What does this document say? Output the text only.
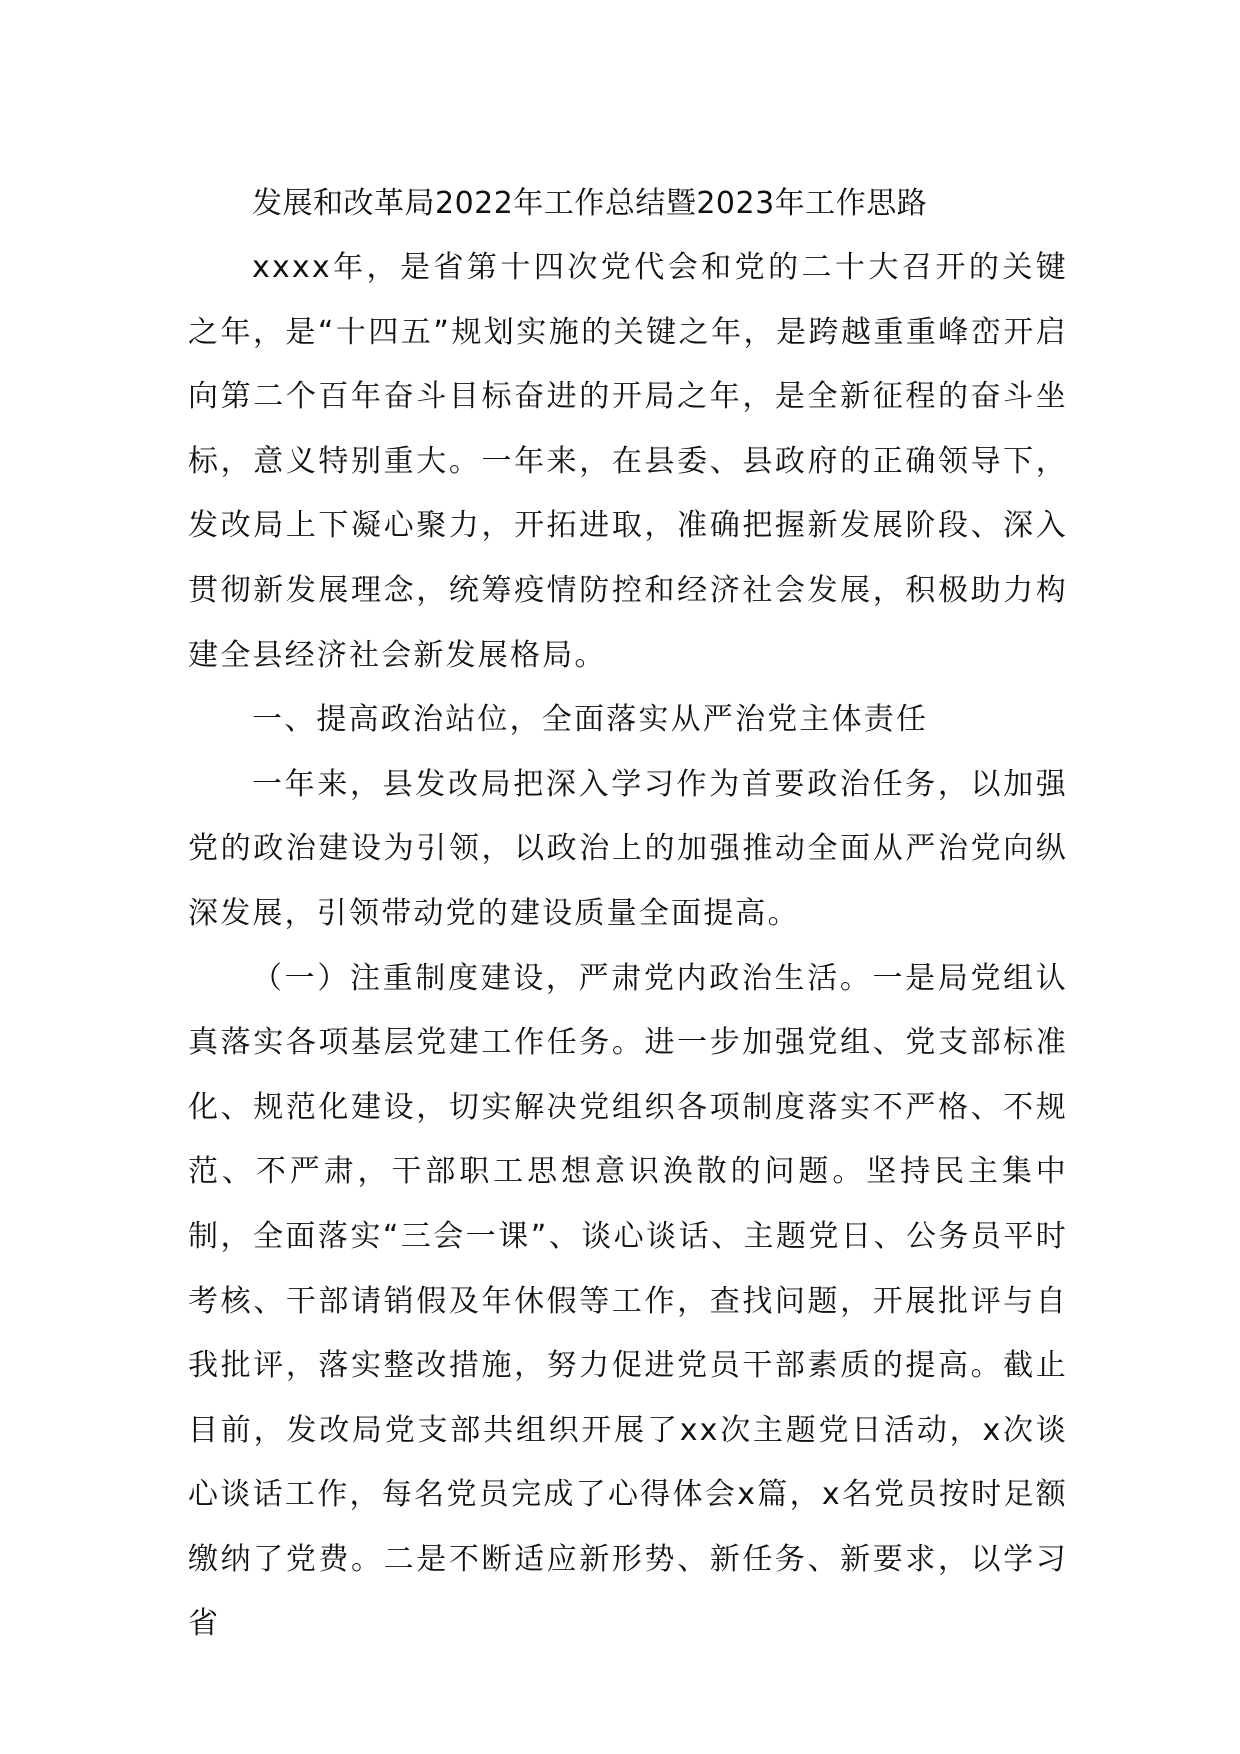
发展和改革局2022年工作总结暨2023年工作思路

xxxx年，是省第十四次党代会和党的二十大召开的关键之年，是“十四五”规划实施的关键之年，是跨越重重峰峦开启向第二个百年奋斗目标奋进的开局之年，是全新征程的奋斗坐标，意义特别重大。一年来，在县委、县政府的正确领导下，发改局上下凝心聚力，开拓进取，准确把握新发展阶段、深入贯彻新发展理念，统筹疫情防控和经济社会发展，积极助力构建全县经济社会新发展格局。

一、提高政治站位，全面落实从严治党主体责任

一年来，县发改局把深入学习作为首要政治任务，以加强党的政治建设为引领，以政治上的加强推动全面从严治党向纵深发展，引领带动党的建设质量全面提高。

（一）注重制度建设，严肃党内政治生活。一是局党组认真落实各项基层党建工作任务。进一步加强党组、党支部标准化、规范化建设，切实解决党组织各项制度落实不严格、不规范、不严肃，干部职工思想意识涣散的问题。坚持民主集中制，全面落实“三会一课”、谈心谈话、主题党日、公务员平时考核、干部请销假及年休假等工作，查找问题，开展批评与自我批评，落实整改措施，努力促进党员干部素质的提高。截止目前，发改局党支部共组织开展了xx次主题党日活动，x次谈心谈话工作，每名党员完成了心得体会x篇，x名党员按时足额缴纳了党费。二是不断适应新形势、新任务、新要求，以学习省
